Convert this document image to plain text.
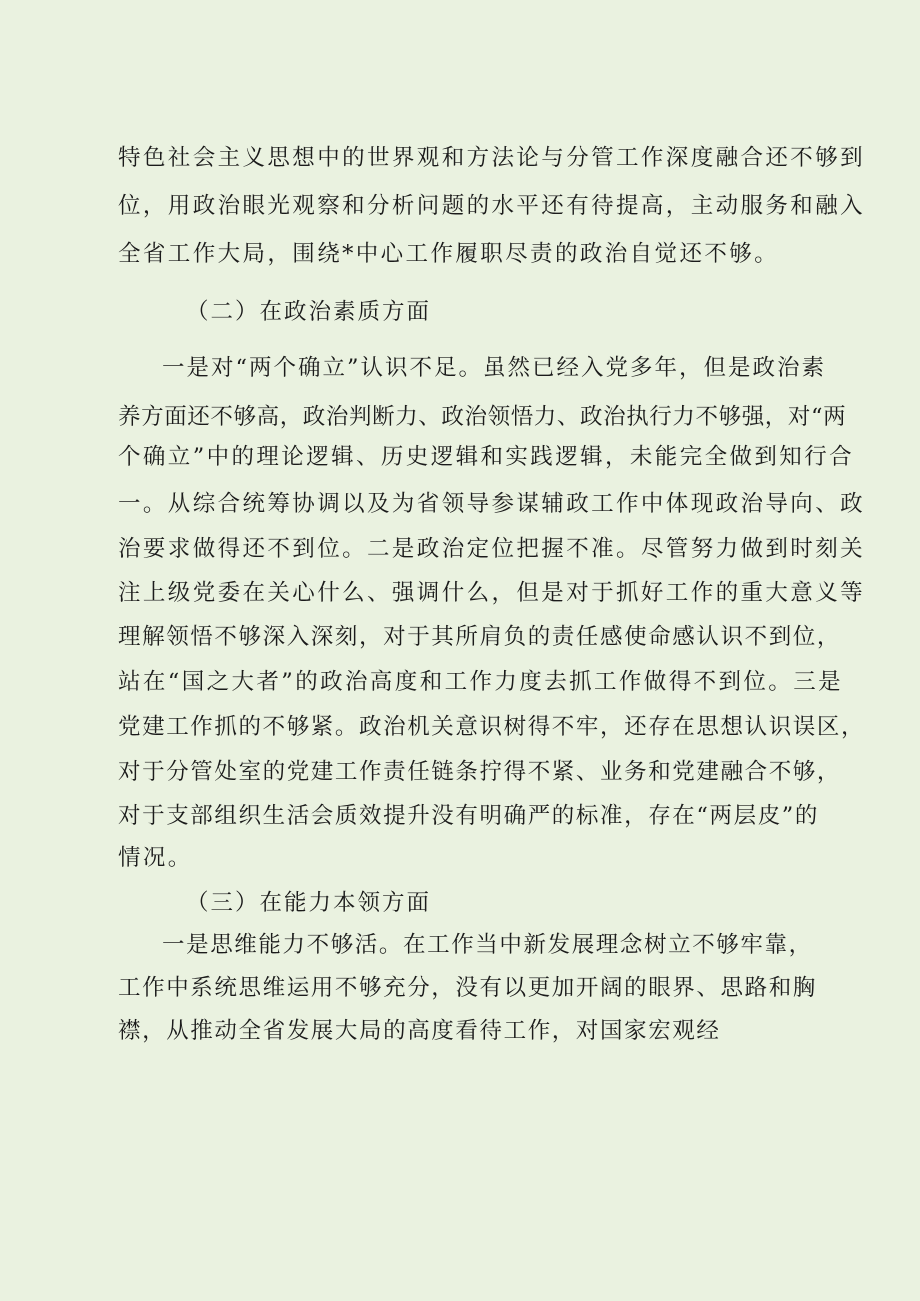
特色社会主义思想中的世界观和方法论与分管工作深度融合还不够到
位，用政治眼光观察和分析问题的水平还有待提高，主动服务和融入
全省工作大局，围绕*中心工作履职尽责的政治自觉还不够。
（二）在政治素质方面
一是对“两个确立”认识不足。虽然已经入党多年，但是政治素
养方面还不够高，政治判断力、政治领悟力、政治执行力不够强，对“两
个确立”中的理论逻辑、历史逻辑和实践逻辑，未能完全做到知行合
一。从综合统筹协调以及为省领导参谋辅政工作中体现政治导向、政
治要求做得还不到位。二是政治定位把握不准。尽管努力做到时刻关
注上级党委在关心什么、强调什么，但是对于抓好工作的重大意义等
理解领悟不够深入深刻，对于其所肩负的责任感使命感认识不到位，
站在“国之大者”的政治高度和工作力度去抓工作做得不到位。三是
党建工作抓的不够紧。政治机关意识树得不牢，还存在思想认识误区，
对于分管处室的党建工作责任链条拧得不紧、业务和党建融合不够，
对于支部组织生活会质效提升没有明确严的标准，存在“两层皮”的
情况。
（三）在能力本领方面
一是思维能力不够活。在工作当中新发展理念树立不够牢靠，
工作中系统思维运用不够充分，没有以更加开阔的眼界、思路和胸
襟，从推动全省发展大局的高度看待工作，对国家宏观经
